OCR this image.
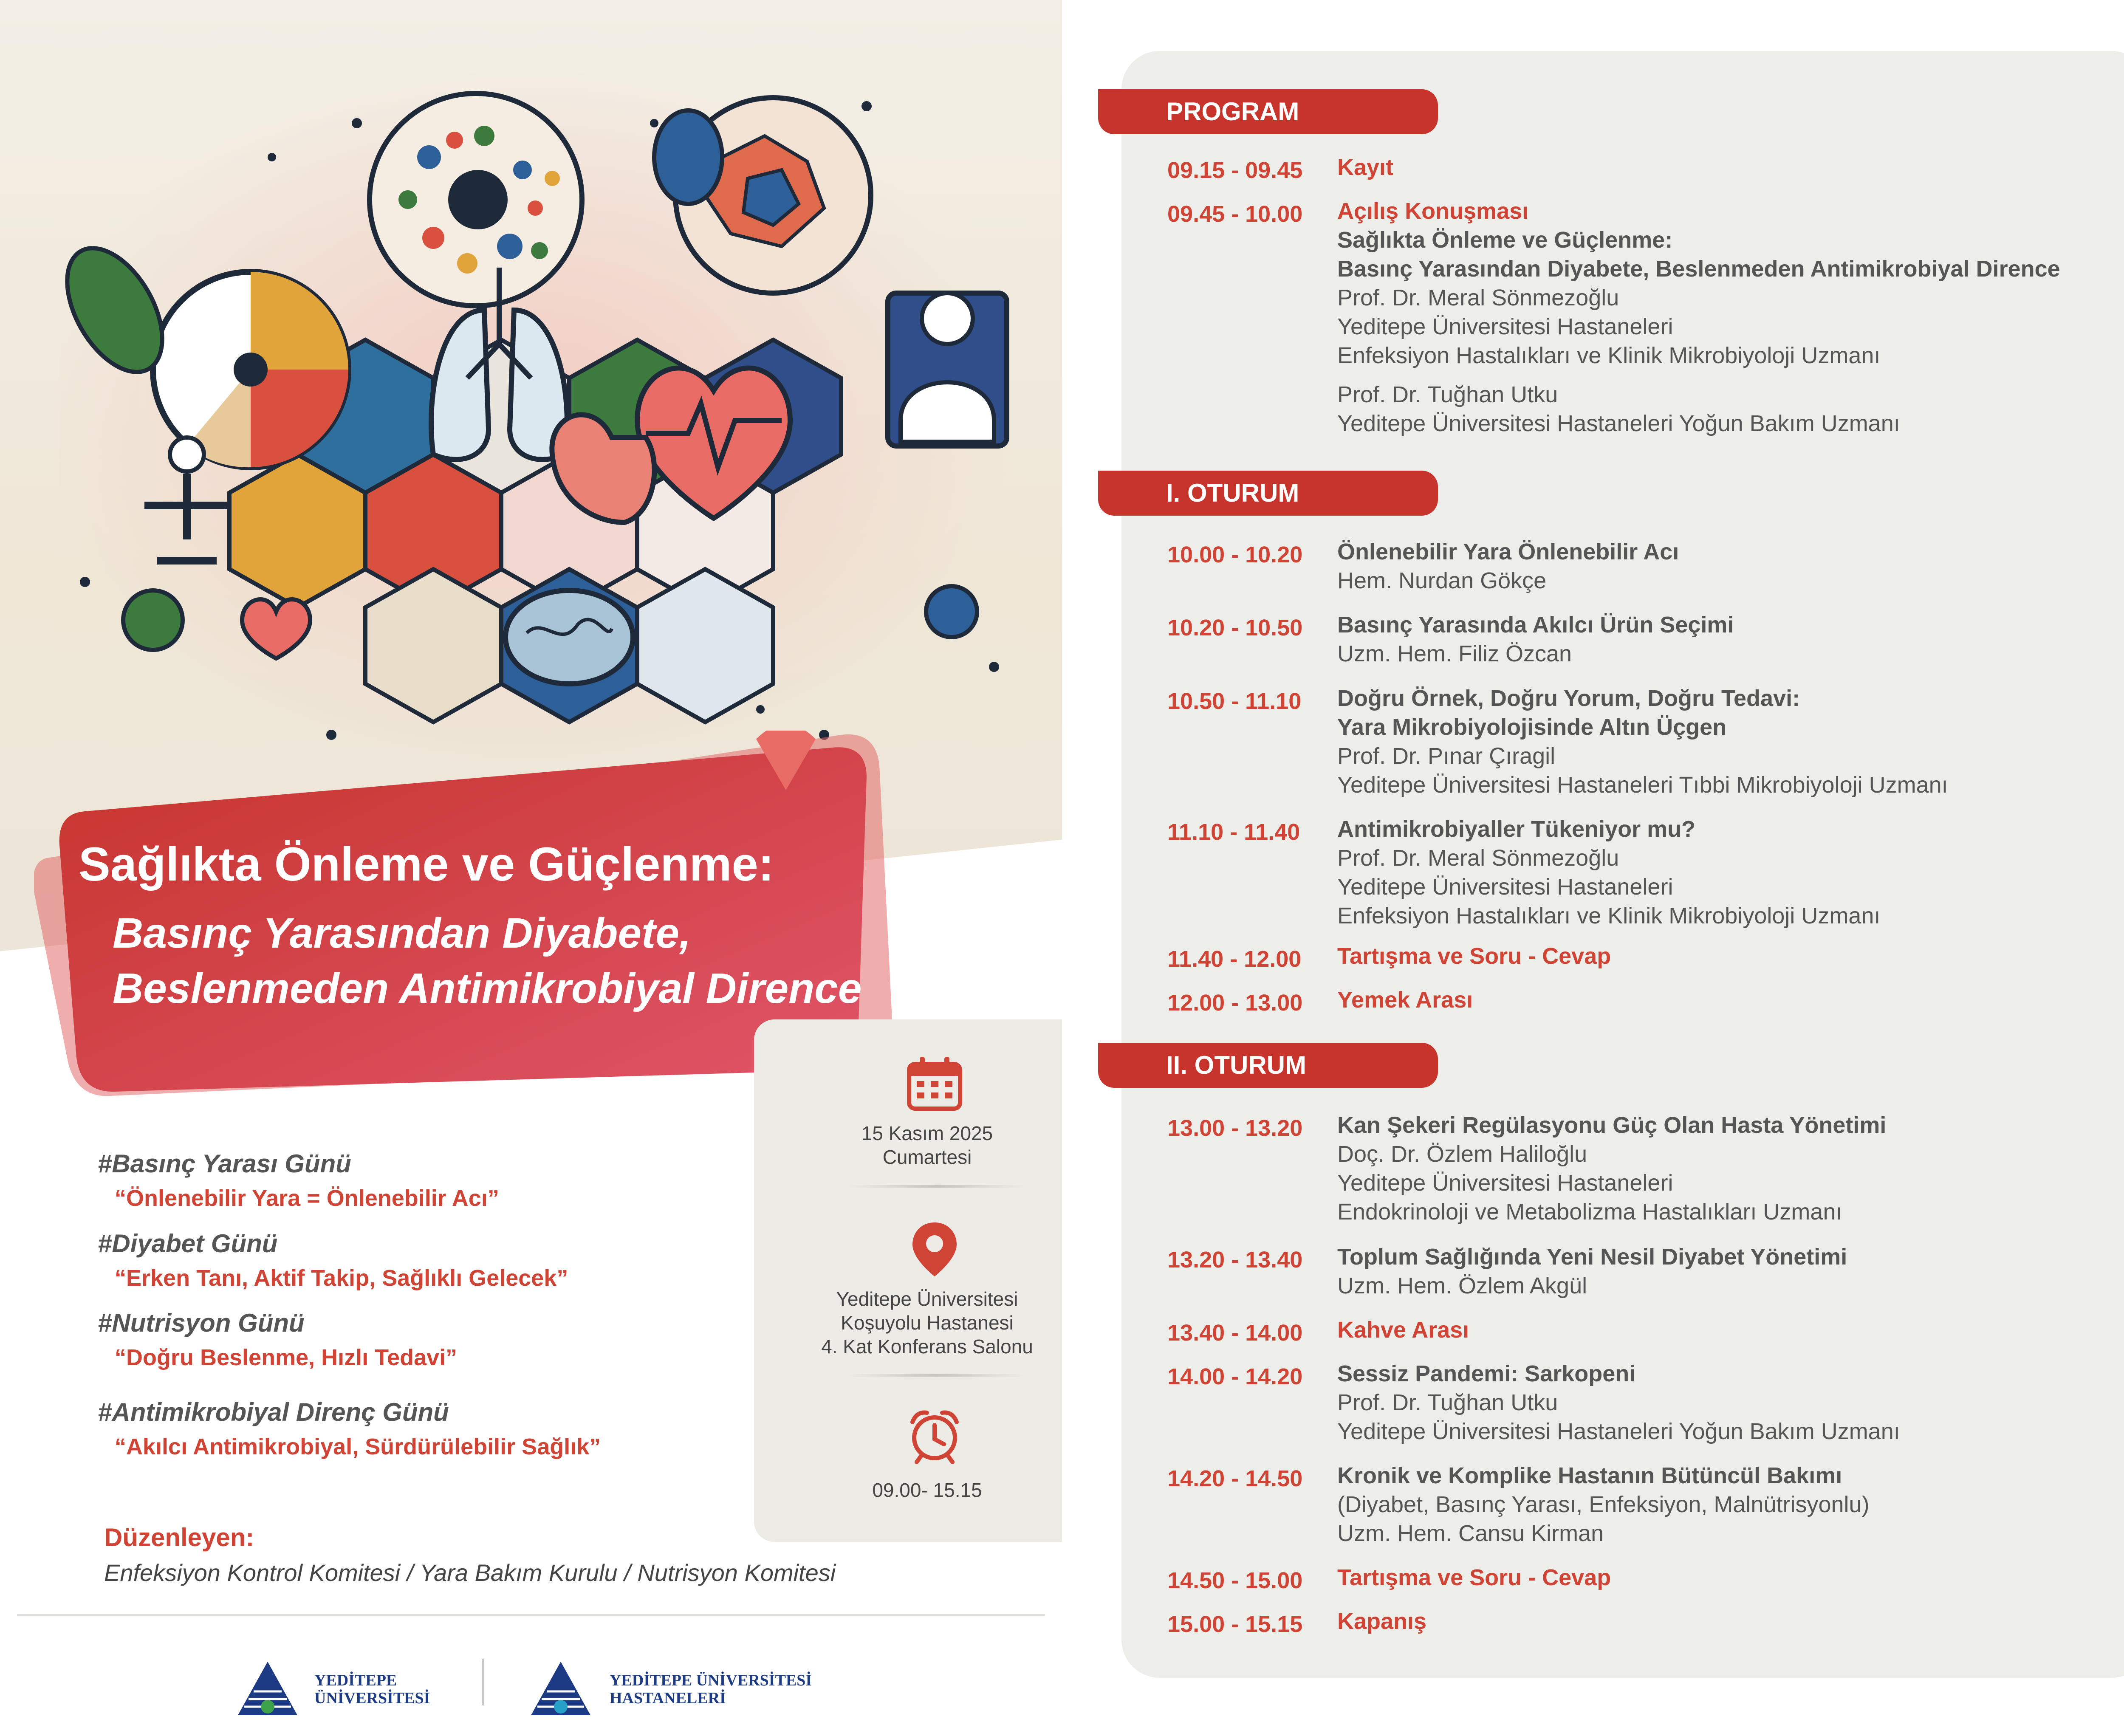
Sağlıkta Önleme ve Güçlenme:
Basınç Yarasından Diyabete,
Beslenmeden Antimikrobiyal Dirence
15 Kasım 2025
Cumartesi
Yeditepe Üniversitesi
Koşuyolu Hastanesi
4. Kat Konferans Salonu
09.00- 15.15
#Basınç Yarası Günü
“Önlenebilir Yara = Önlenebilir Acı”
#Diyabet Günü
“Erken Tanı, Aktif Takip, Sağlıklı Gelecek”
#Nutrisyon Günü
“Doğru Beslenme, Hızlı Tedavi”
#Antimikrobiyal Direnç Günü
“Akılcı Antimikrobiyal, Sürdürülebilir Sağlık”
Düzenleyen:
Enfeksiyon Kontrol Komitesi / Yara Bakım Kurulu / Nutrisyon Komitesi
YEDİTEPE
ÜNİVERSİTESİ
YEDİTEPE ÜNİVERSİTESİ
HASTANELERİ
PROGRAM
I. OTURUM
II. OTURUM
09.15 - 09.45 Kayıt
09.45 - 10.00 Açılış Konuşması
Sağlıkta Önleme ve Güçlenme:
Basınç Yarasından Diyabete, Beslenmeden Antimikrobiyal Dirence
Prof. Dr. Meral Sönmezoğlu
Yeditepe Üniversitesi Hastaneleri
Enfeksiyon Hastalıkları ve Klinik Mikrobiyoloji Uzmanı
Prof. Dr. Tuğhan Utku
Yeditepe Üniversitesi Hastaneleri Yoğun Bakım Uzmanı
10.00 - 10.20 Önlenebilir Yara Önlenebilir Acı
Hem. Nurdan Gökçe
10.20 - 10.50 Basınç Yarasında Akılcı Ürün Seçimi
Uzm. Hem. Filiz Özcan
10.50 - 11.10 Doğru Örnek, Doğru Yorum, Doğru Tedavi:
Yara Mikrobiyolojisinde Altın Üçgen
Prof. Dr. Pınar Çıragil
Yeditepe Üniversitesi Hastaneleri Tıbbi Mikrobiyoloji Uzmanı
11.10 - 11.40 Antimikrobiyaller Tükeniyor mu?
Prof. Dr. Meral Sönmezoğlu
Yeditepe Üniversitesi Hastaneleri
Enfeksiyon Hastalıkları ve Klinik Mikrobiyoloji Uzmanı
11.40 - 12.00 Tartışma ve Soru - Cevap
12.00 - 13.00 Yemek Arası
13.00 - 13.20 Kan Şekeri Regülasyonu Güç Olan Hasta Yönetimi
Doç. Dr. Özlem Haliloğlu
Yeditepe Üniversitesi Hastaneleri
Endokrinoloji ve Metabolizma Hastalıkları Uzmanı
13.20 - 13.40 Toplum Sağlığında Yeni Nesil Diyabet Yönetimi
Uzm. Hem. Özlem Akgül
13.40 - 14.00 Kahve Arası
14.00 - 14.20 Sessiz Pandemi: Sarkopeni
Prof. Dr. Tuğhan Utku
Yeditepe Üniversitesi Hastaneleri Yoğun Bakım Uzmanı
14.20 - 14.50 Kronik ve Komplike Hastanın Bütüncül Bakımı
(Diyabet, Basınç Yarası, Enfeksiyon, Malnütrisyonlu)
Uzm. Hem. Cansu Kirman
14.50 - 15.00 Tartışma ve Soru - Cevap
15.00 - 15.15 Kapanış
